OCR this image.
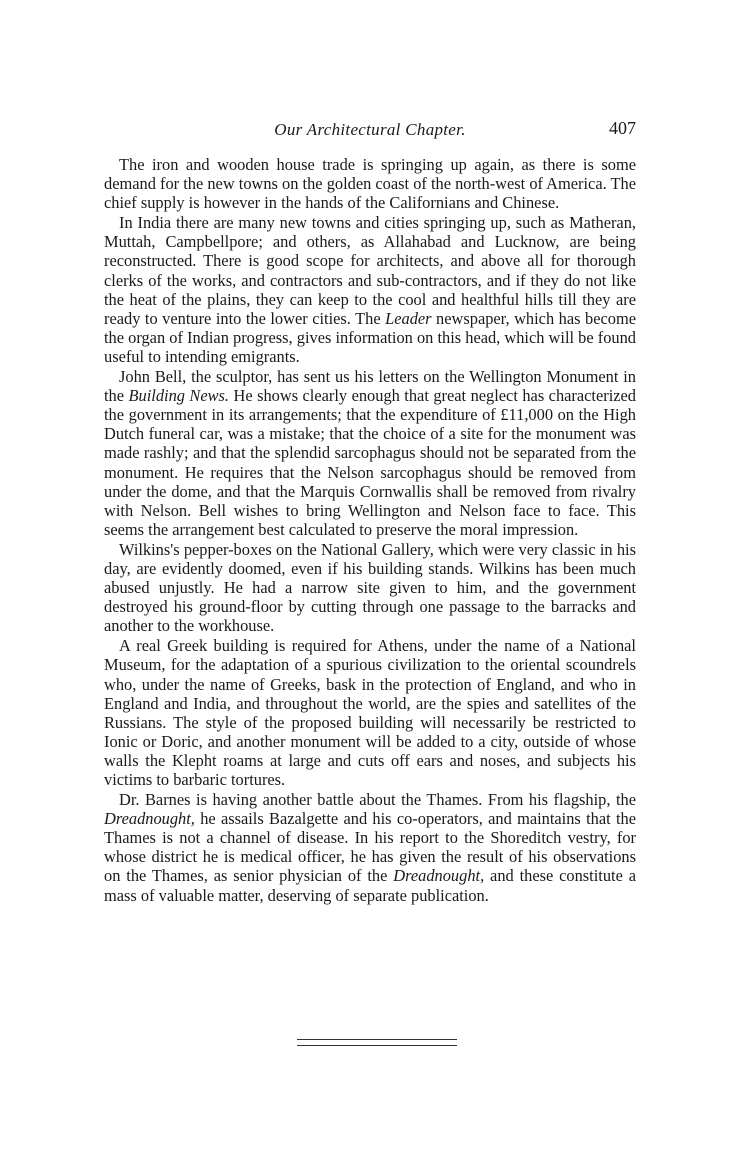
Our Architectural Chapter.	407

The iron and wooden house trade is springing up again, as there is some demand for the new towns on the golden coast of the north-west of America. The chief supply is however in the hands of the Californians and Chinese.

In India there are many new towns and cities springing up, such as Matheran, Muttah, Campbellpore; and others, as Allahabad and Lucknow, are being reconstructed. There is good scope for architects, and above all for thorough clerks of the works, and contractors and sub-contractors, and if they do not like the heat of the plains, they can keep to the cool and healthful hills till they are ready to venture into the lower cities. The Leader newspaper, which has become the organ of Indian progress, gives information on this head, which will be found useful to intending emigrants.

John Bell, the sculptor, has sent us his letters on the Wellington Monument in the Building News. He shows clearly enough that great neglect has characterized the government in its arrangements; that the expenditure of £11,000 on the High Dutch funeral car, was a mistake; that the choice of a site for the monument was made rashly; and that the splendid sarcophagus should not be separated from the monument. He requires that the Nelson sarcophagus should be removed from under the dome, and that the Marquis Cornwallis shall be removed from rivalry with Nelson. Bell wishes to bring Wellington and Nelson face to face. This seems the arrangement best calculated to preserve the moral impression.

Wilkins's pepper-boxes on the National Gallery, which were very classic in his day, are evidently doomed, even if his building stands. Wilkins has been much abused unjustly. He had a narrow site given to him, and the government destroyed his ground-floor by cutting through one passage to the barracks and another to the workhouse.

A real Greek building is required for Athens, under the name of a National Museum, for the adaptation of a spurious civilization to the oriental scoundrels who, under the name of Greeks, bask in the protection of England, and who in England and India, and throughout the world, are the spies and satellites of the Russians. The style of the proposed building will necessarily be restricted to Ionic or Doric, and another monument will be added to a city, outside of whose walls the Klepht roams at large and cuts off ears and noses, and subjects his victims to barbaric tortures.

Dr. Barnes is having another battle about the Thames. From his flagship, the Dreadnought, he assails Bazalgette and his co-operators, and maintains that the Thames is not a channel of disease. In his report to the Shoreditch vestry, for whose district he is medical officer, he has given the result of his observations on the Thames, as senior physician of the Dreadnought, and these constitute a mass of valuable matter, deserving of separate publication.
